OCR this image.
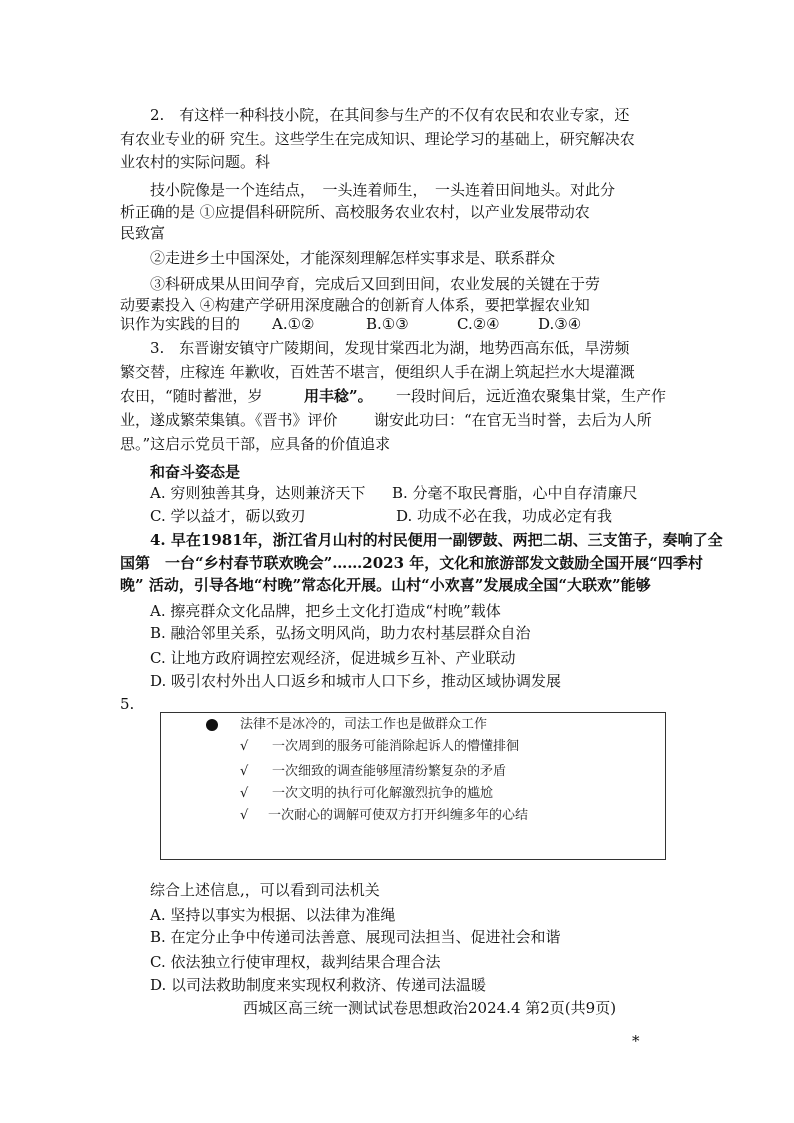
2.　有这样一种科技小院，在其间参与生产的不仅有农民和农业专家，还
有农业专业的研 究生。这些学生在完成知识、理论学习的基础上，研究解决农
业农村的实际问题。科
技小院像是一个连结点，　一头连着师生，　一头连着田间地头。对此分
析正确的是 ①应提倡科研院所、高校服务农业农村，以产业发展带动农
民致富
②走进乡土中国深处，才能深刻理解怎样实事求是、联系群众
③科研成果从田间孕育，完成后又回到田间，农业发展的关键在于劳
动要素投入 ④构建产学研用深度融合的创新育人体系，要把掌握农业知
识作为实践的目的 A.①②	B.①③	C.②④	D.③④
3.　东晋谢安镇守广陵期间，发现甘棠西北为湖，地势西高东低，旱涝频
繁交替，庄稼连 年歉收，百姓苦不堪言，便组织人手在湖上筑起拦水大堤灌溉
农田，“随时蓄泄，岁	用丰稔”。 一段时间后，远近渔农聚集甘棠，生产作
业，遂成繁荣集镇。《晋书》评价 谢安此功曰：“在官无当时誉，去后为人所
思。”这启示党员干部，应具备的价值追求
和奋斗姿态是
A. 穷则独善其身，达则兼济天下 B. 分毫不取民膏脂，心中自存清廉尺
C. 学以益才，砺以致刃	D. 功成不必在我，功成必定有我
4. 早在1981年，浙江省月山村的村民便用一副锣鼓、两把二胡、三支笛子，奏响了全
国第　一台“乡村春节联欢晚会”……2023 年，文化和旅游部发文鼓励全国开展“四季村
晚” 活动，引导各地“村晚”常态化开展。山村“小欢喜”发展成全国“大联欢”能够
A. 擦亮群众文化品牌，把乡土文化打造成“村晚”载体
B. 融洽邻里关系，弘扬文明风尚，助力农村基层群众自治
C. 让地方政府调控宏观经济，促进城乡互补、产业联动
D. 吸引农村外出人口返乡和城市人口下乡，推动区域协调发展
5.
法律不是冰冷的，司法工作也是做群众工作
√ 一次周到的服务可能消除起诉人的懵懂排徊
√ 一次细致的调查能够厘清纷繁复杂的矛盾
√ 一次文明的执行可化解激烈抗争的尴尬
√ 一次耐心的调解可使双方打开纠缠多年的心结
综合上述信息,，可以看到司法机关
A. 坚持以事实为根据、以法律为准绳
B. 在定分止争中传递司法善意、展现司法担当、促进社会和谐
C. 依法独立行使审理权，裁判结果合理合法
D. 以司法救助制度来实现权利救济、传递司法温暖
西城区高三统一测试试卷思想政治2024.4 第2页(共9页)
*
